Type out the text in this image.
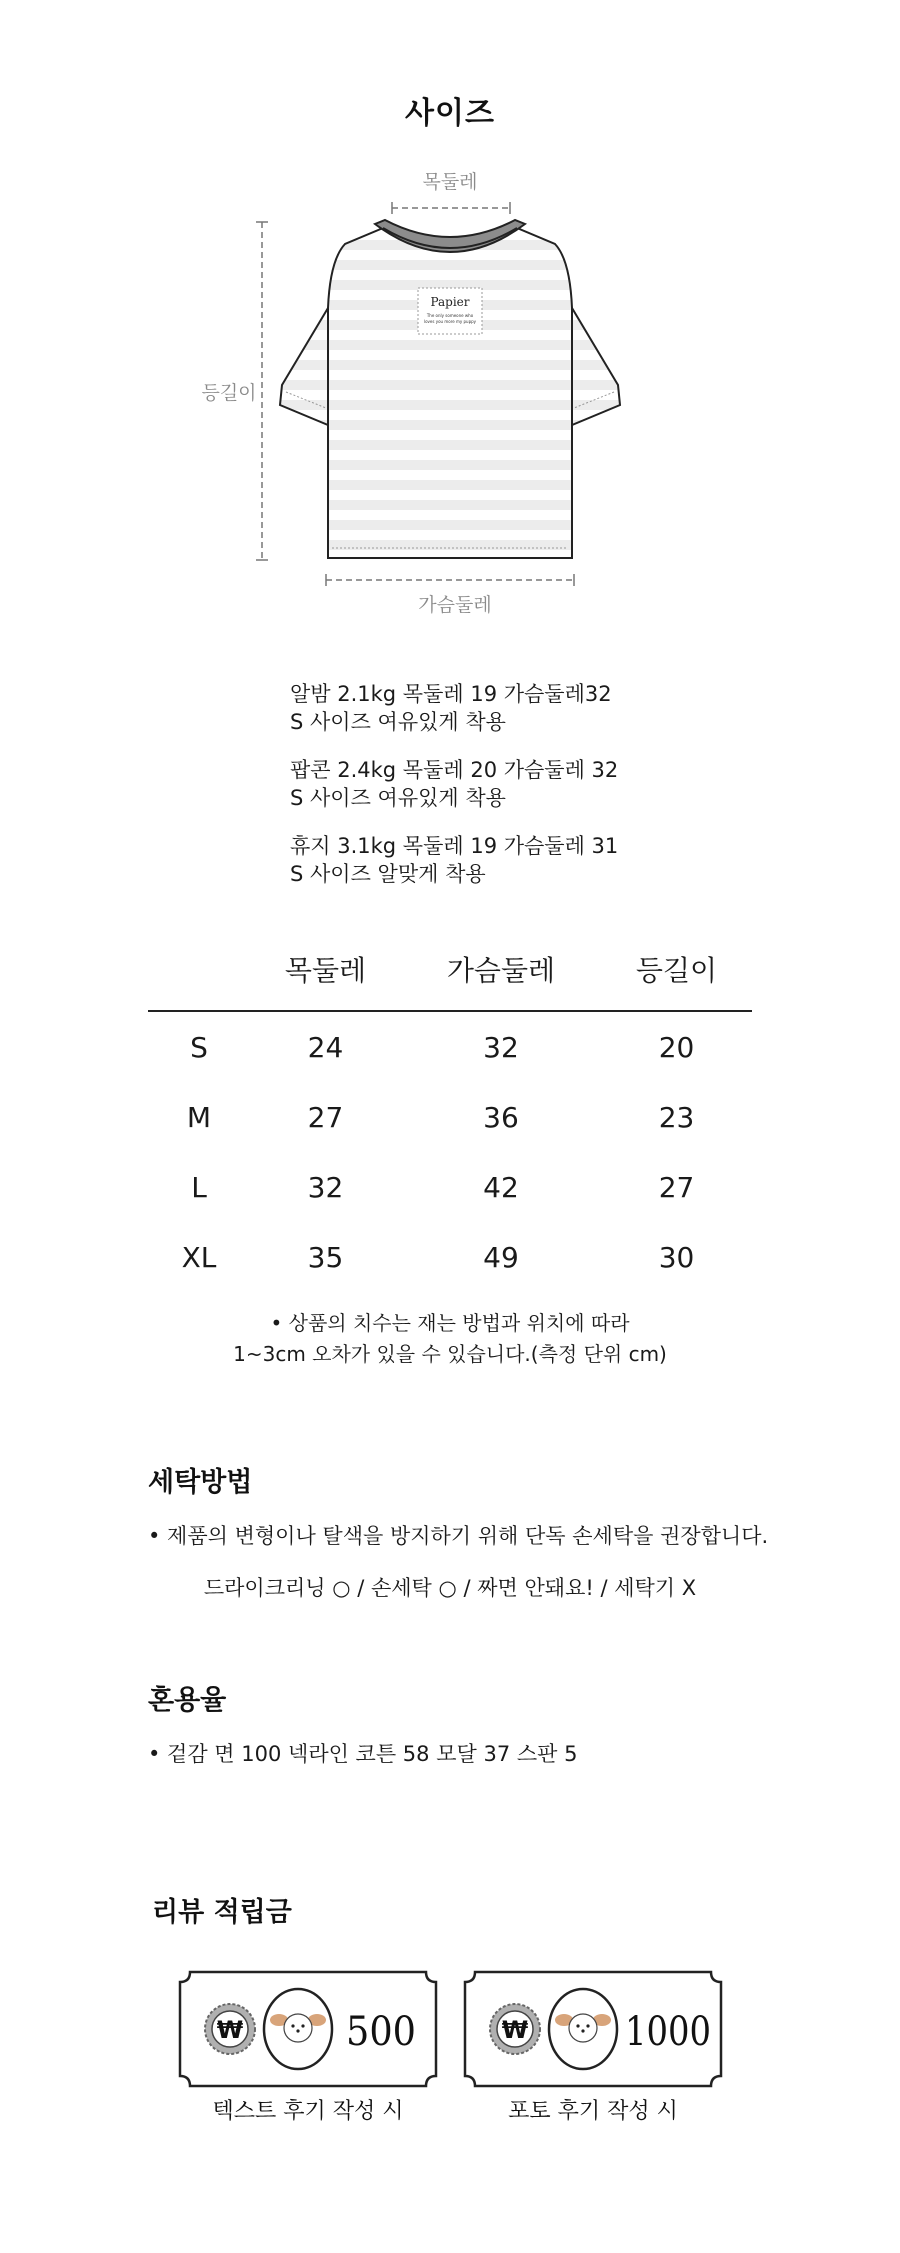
사이즈
목둘레
등길이
가슴둘레
Papier
The only someone who
loves you more my puppy
알밤 2.1kg 목둘레 19 가슴둘레32
S 사이즈 여유있게 착용
팝콘 2.4kg 목둘레 20 가슴둘레 32
S 사이즈 여유있게 착용
휴지 3.1kg 목둘레 19 가슴둘레 31
S 사이즈 알맞게 착용
	목둘레	가슴둘레	등길이
S	24	32	20
M	27	36	23
L	32	42	27
XL	35	49	30
• 상품의 치수는 재는 방법과 위치에 따라
1~3cm 오차가 있을 수 있습니다.(측정 단위 cm)
세탁방법
• 제품의 변형이나 탈색을 방지하기 위해 단독 손세탁을 권장합니다.
드라이크리닝 ○ / 손세탁 ○ / 짜면 안돼요! / 세탁기 X
혼용율
• 겉감 면 100 넥라인 코튼 58 모달 37 스판 5
리뷰 적립금
₩	500
텍스트 후기 작성 시
₩ 1000
포토 후기 작성 시
